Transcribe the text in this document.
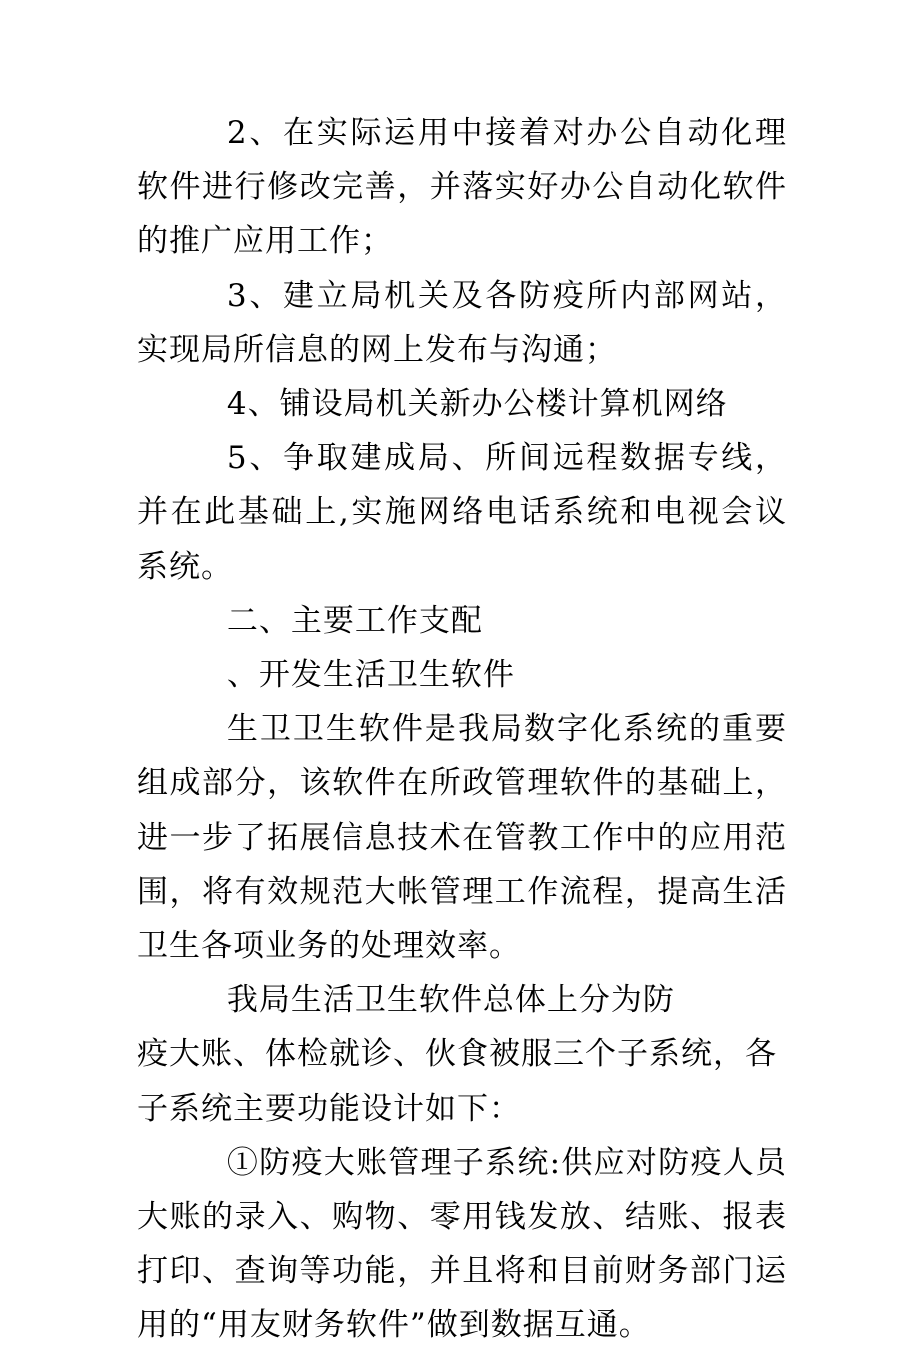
2、在实际运用中接着对办公自动化理软件进行修改完善，并落实好办公自动化软件的推广应用工作；

3、建立局机关及各防疫所内部网站，实现局所信息的网上发布与沟通；

4、铺设局机关新办公楼计算机网络

5、争取建成局、所间远程数据专线，并在此基础上,实施网络电话系统和电视会议系统。

二、主要工作支配

、开发生活卫生软件

生卫卫生软件是我局数字化系统的重要组成部分，该软件在所政管理软件的基础上，进一步了拓展信息技术在管教工作中的应用范围，将有效规范大帐管理工作流程，提高生活卫生各项业务的处理效率。

我局生活卫生软件总体上分为防

疫大账、体检就诊、伙食被服三个子系统，各子系统主要功能设计如下：

①防疫大账管理子系统:供应对防疫人员大账的录入、购物、零用钱发放、结账、报表打印、查询等功能，并且将和目前财务部门运用的“用友财务软件”做到数据互通。
